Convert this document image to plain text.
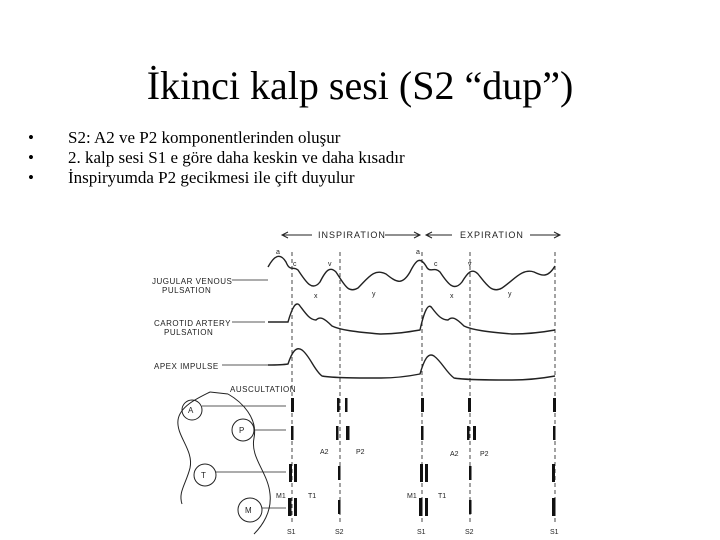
İkinci kalp sesi (S2 “dup”)
• S2: A2 ve P2 komponentlerinden oluşur
• 2. kalp sesi S1 e göre daha keskin ve daha kısadır
• İnspiryumda P2 gecikmesi ile çift duyulur
INSPIRATION	EXPIRATION
JUGULAR VENOUS
PULSATION
CAROTID ARTERY
PULSATION
APEX IMPULSE
AUSCULTATION
a
c	v
x	y
a
c	v
x	y
A
P
T
M
A2	P2	A2	P2
M1	T1	M1	T1
S1	S2	S1	S2	S1
